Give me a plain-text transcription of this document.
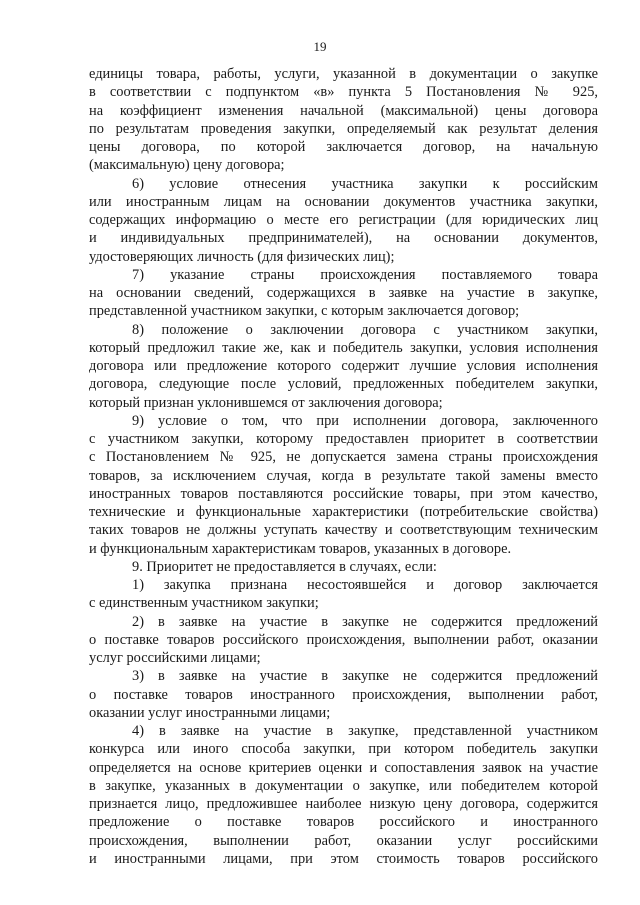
19
единицы товара, работы, услуги, указанной в документации о закупке
в соответствии с подпунктом «в» пункта 5 Постановления № 925,
на коэффициент изменения начальной (максимальной) цены договора
по результатам проведения закупки, определяемый как результат деления
цены договора, по которой заключается договор, на начальную
(максимальную) цену договора;
6) условие отнесения участника закупки к российским
или иностранным лицам на основании документов участника закупки,
содержащих информацию о месте его регистрации (для юридических лиц
и индивидуальных предпринимателей), на основании документов,
удостоверяющих личность (для физических лиц);
7) указание страны происхождения поставляемого товара
на основании сведений, содержащихся в заявке на участие в закупке,
представленной участником закупки, с которым заключается договор;
8) положение о заключении договора с участником закупки,
который предложил такие же, как и победитель закупки, условия исполнения
договора или предложение которого содержит лучшие условия исполнения
договора, следующие после условий, предложенных победителем закупки,
который признан уклонившемся от заключения договора;
9) условие о том, что при исполнении договора, заключенного
с участником закупки, которому предоставлен приоритет в соответствии
с Постановлением № 925, не допускается замена страны происхождения
товаров, за исключением случая, когда в результате такой замены вместо
иностранных товаров поставляются российские товары, при этом качество,
технические и функциональные характеристики (потребительские свойства)
таких товаров не должны уступать качеству и соответствующим техническим
и функциональным характеристикам товаров, указанных в договоре.
9. Приоритет не предоставляется в случаях, если:
1) закупка признана несостоявшейся и договор заключается
с единственным участником закупки;
2) в заявке на участие в закупке не содержится предложений
о поставке товаров российского происхождения, выполнении работ, оказании
услуг российскими лицами;
3) в заявке на участие в закупке не содержится предложений
о поставке товаров иностранного происхождения, выполнении работ,
оказании услуг иностранными лицами;
4) в заявке на участие в закупке, представленной участником
конкурса или иного способа закупки, при котором победитель закупки
определяется на основе критериев оценки и сопоставления заявок на участие
в закупке, указанных в документации о закупке, или победителем которой
признается лицо, предложившее наиболее низкую цену договора, содержится
предложение о поставке товаров российского и иностранного
происхождения, выполнении работ, оказании услуг российскими
и иностранными лицами, при этом стоимость товаров российского
